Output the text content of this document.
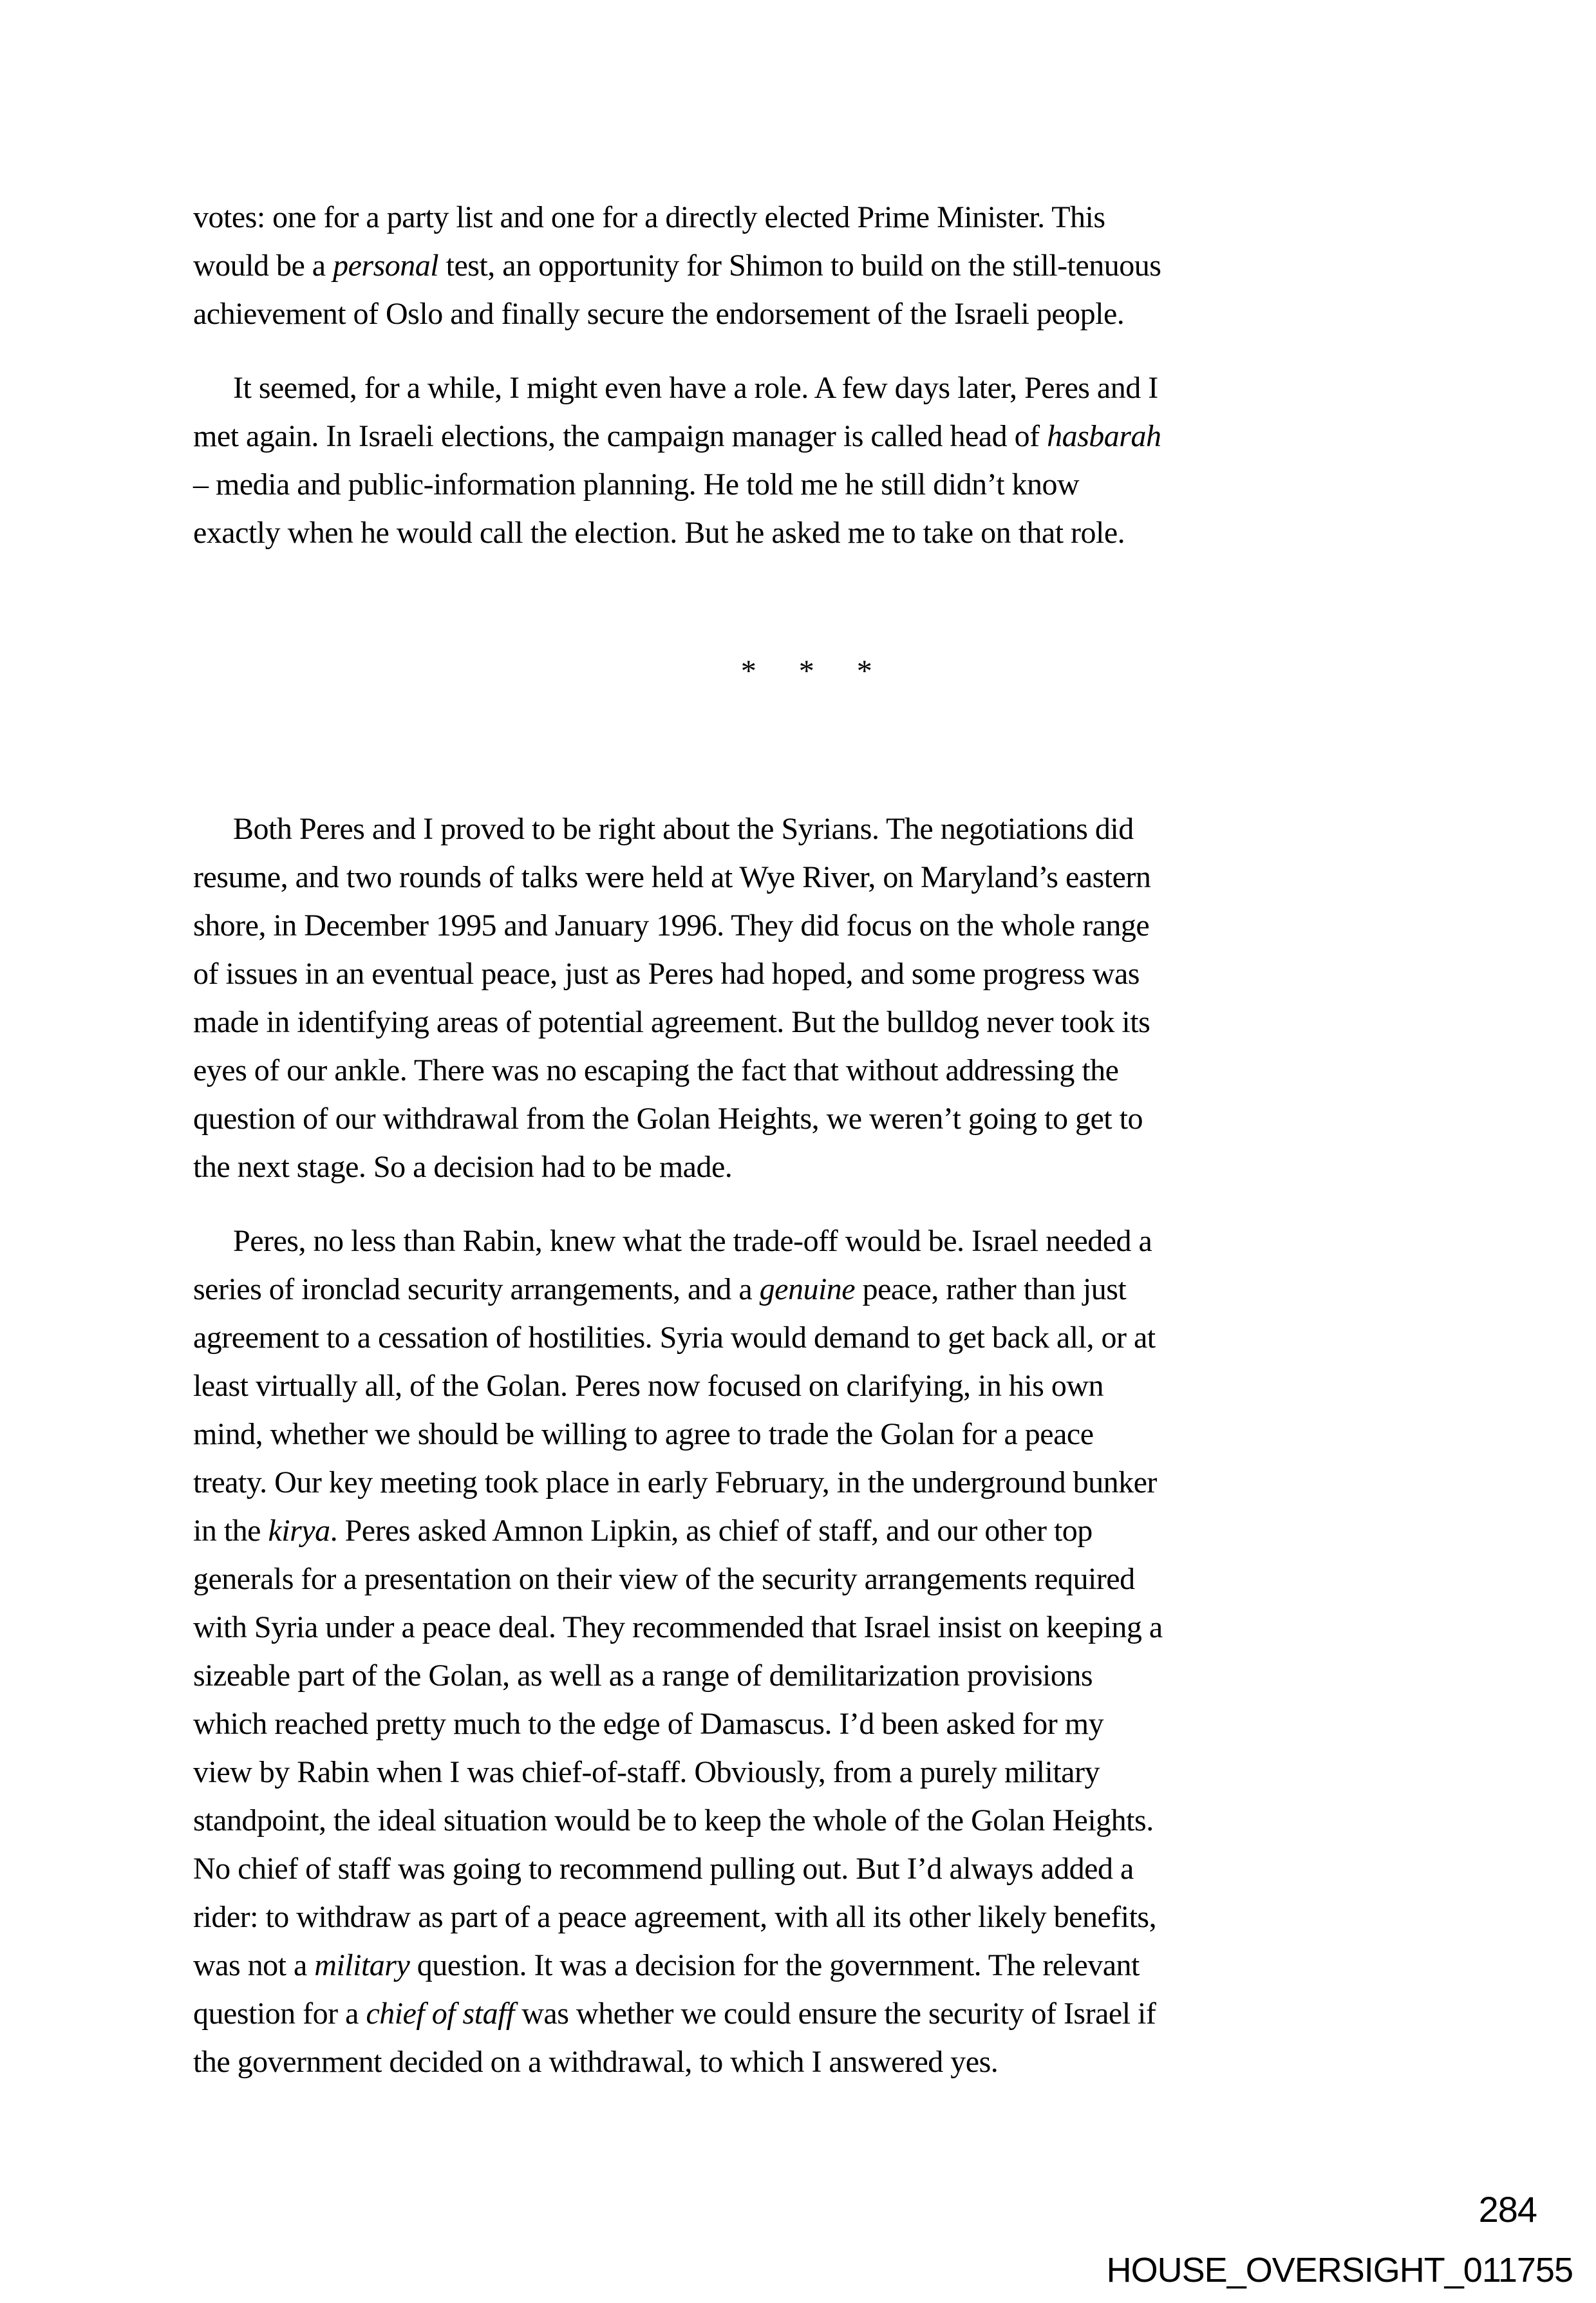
votes: one for a party list and one for a directly elected Prime Minister. This
would be a personal test, an opportunity for Shimon to build on the still-tenuous
achievement of Oslo and finally secure the endorsement of the Israeli people.
It seemed, for a while, I might even have a role. A few days later, Peres and I
met again. In Israeli elections, the campaign manager is called head of hasbarah
– media and public-information planning. He told me he still didn’t know
exactly when he would call the election. But he asked me to take on that role.
* * *
Both Peres and I proved to be right about the Syrians. The negotiations did
resume, and two rounds of talks were held at Wye River, on Maryland’s eastern
shore, in December 1995 and January 1996. They did focus on the whole range
of issues in an eventual peace, just as Peres had hoped, and some progress was
made in identifying areas of potential agreement. But the bulldog never took its
eyes of our ankle. There was no escaping the fact that without addressing the
question of our withdrawal from the Golan Heights, we weren’t going to get to
the next stage. So a decision had to be made.
Peres, no less than Rabin, knew what the trade-off would be. Israel needed a
series of ironclad security arrangements, and a genuine peace, rather than just
agreement to a cessation of hostilities. Syria would demand to get back all, or at
least virtually all, of the Golan. Peres now focused on clarifying, in his own
mind, whether we should be willing to agree to trade the Golan for a peace
treaty. Our key meeting took place in early February, in the underground bunker
in the kirya. Peres asked Amnon Lipkin, as chief of staff, and our other top
generals for a presentation on their view of the security arrangements required
with Syria under a peace deal. They recommended that Israel insist on keeping a
sizeable part of the Golan, as well as a range of demilitarization provisions
which reached pretty much to the edge of Damascus. I’d been asked for my
view by Rabin when I was chief-of-staff. Obviously, from a purely military
standpoint, the ideal situation would be to keep the whole of the Golan Heights.
No chief of staff was going to recommend pulling out. But I’d always added a
rider: to withdraw as part of a peace agreement, with all its other likely benefits,
was not a military question. It was a decision for the government. The relevant
question for a chief of staff was whether we could ensure the security of Israel if
the government decided on a withdrawal, to which I answered yes.
284
HOUSE_OVERSIGHT_011755
